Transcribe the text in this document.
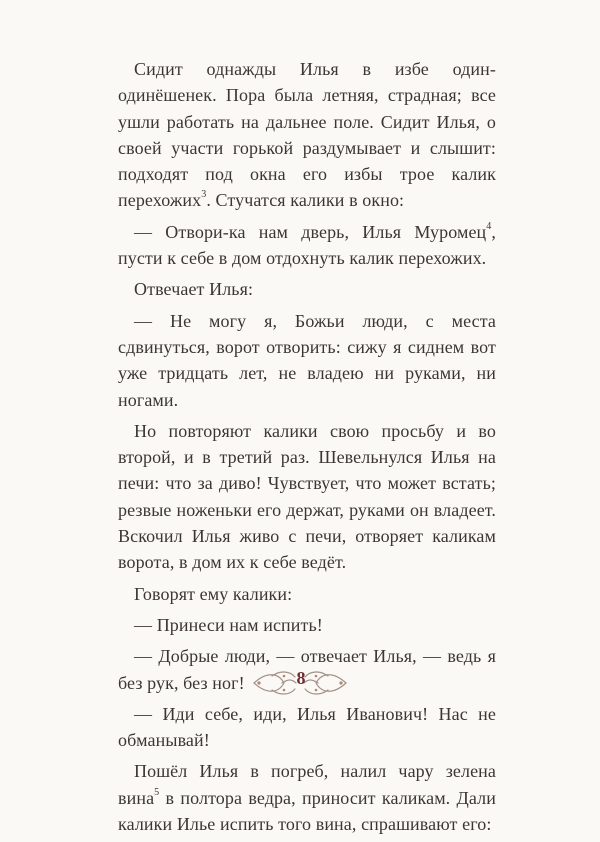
Сидит однажды Илья в избе один-одинёшенек. Пора была летняя, страдная; все ушли работать на дальнее поле. Сидит Илья, о своей участи горькой раздумывает и слышит: подходят под окна его избы трое калик перехожих$^3$. Стучатся калики в окно:

— Отвори-ка нам дверь, Илья Муромец$^4$, пусти к себе в дом отдохнуть калик перехожих.

Отвечает Илья:

— Не могу я, Божьи люди, с места сдвинуться, ворот отворить: сижу я сиднем вот уже тридцать лет, не владею ни руками, ни ногами.

Но повторяют калики свою просьбу и во второй, и в третий раз. Шевельнулся Илья на печи: что за диво! Чувствует, что может встать; резвые ноженьки его держат, руками он владеет. Вскочил Илья живо с печи, отворяет каликам ворота, в дом их к себе ведёт.

Говорят ему калики:

— Принеси нам испить!

— Добрые люди, — отвечает Илья, — ведь я без рук, без ног!

— Иди себе, иди, Илья Иванович! Нас не обманывай!

Пошёл Илья в погреб, налил чару зелена вина$^5$ в полтора ведра, приносит каликам. Дали калики Илье испить того вина, спрашивают его:

8
